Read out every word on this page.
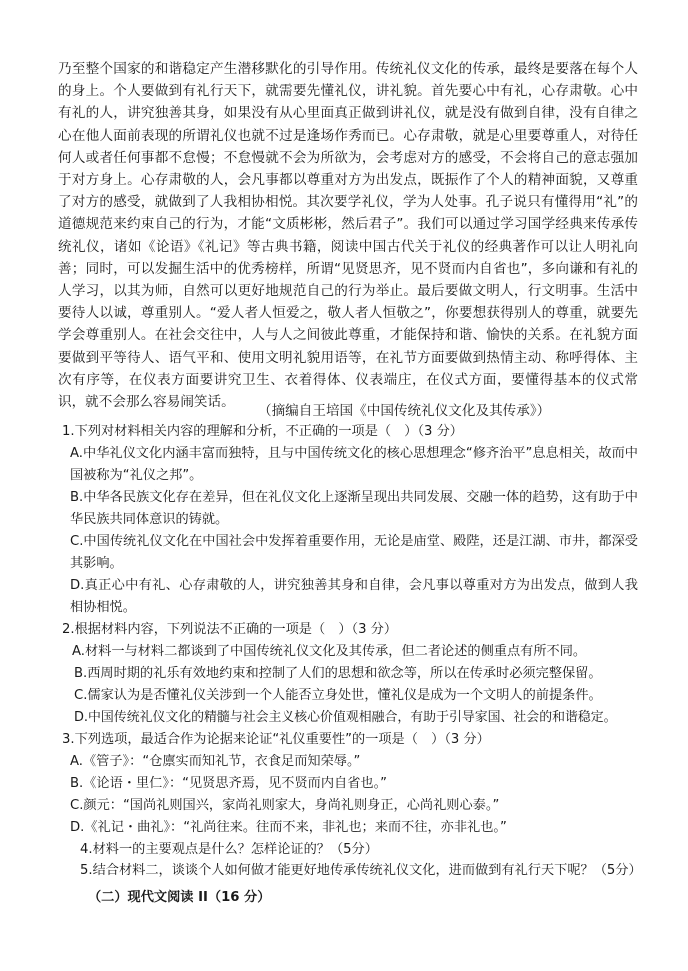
乃至整个国家的和谐稳定产生潜移默化的引导作用。传统礼仪文化的传承，最终是要落在每个人的身上。个人要做到有礼行天下，就需要先懂礼仪，讲礼貌。首先要心中有礼，心存肃敬。心中有礼的人，讲究独善其身，如果没有从心里面真正做到讲礼仪，就是没有做到自律，没有自律之心在他人面前表现的所谓礼仪也就不过是逢场作秀而已。心存肃敬，就是心里要尊重人，对待任何人或者任何事都不怠慢；不怠慢就不会为所欲为，会考虑对方的感受，不会将自己的意志强加于对方身上。心存肃敬的人，会凡事都以尊重对方为出发点，既振作了个人的精神面貌，又尊重了对方的感受，就做到了人我相协相悦。其次要学礼仪，学为人处事。孔子说只有懂得用“礼”的道德规范来约束自己的行为，才能“文质彬彬，然后君子”。我们可以通过学习国学经典来传承传统礼仪，诸如《论语》《礼记》等古典书籍，阅读中国古代关于礼仪的经典著作可以让人明礼向善；同时，可以发掘生活中的优秀榜样，所谓“见贤思齐，见不贤而内自省也”，多向谦和有礼的人学习，以其为师，自然可以更好地规范自己的行为举止。最后要做文明人，行文明事。生活中要待人以诚，尊重别人。“爱人者人恒爱之，敬人者人恒敬之”，你要想获得别人的尊重，就要先学会尊重别人。在社会交往中，人与人之间彼此尊重，才能保持和谐、愉快的关系。在礼貌方面要做到平等待人、语气平和、使用文明礼貌用语等，在礼节方面要做到热情主动、称呼得体、主次有序等，在仪表方面要讲究卫生、衣着得体、仪表端庄，在仪式方面，要懂得基本的仪式常识，就不会那么容易闹笑话。

（摘编自王培国《中国传统礼仪文化及其传承》）
1.下列对材料相关内容的理解和分析，不正确的一项是（　）（3 分）
A.中华礼仪文化内涵丰富而独特，且与中国传统文化的核心思想理念“修齐治平”息息相关，故而中国被称为“礼仪之邦”。
B.中华各民族文化存在差异，但在礼仪文化上逐渐呈现出共同发展、交融一体的趋势，这有助于中华民族共同体意识的铸就。
C.中国传统礼仪文化在中国社会中发挥着重要作用，无论是庙堂、殿陛，还是江湖、市井，都深受其影响。
D.真正心中有礼、心存肃敬的人，讲究独善其身和自律，会凡事以尊重对方为出发点，做到人我相协相悦。
2.根据材料内容，下列说法不正确的一项是（　）（3 分）
A.材料一与材料二都谈到了中国传统礼仪文化及其传承，但二者论述的侧重点有所不同。
B.西周时期的礼乐有效地约束和控制了人们的思想和欲念等，所以在传承时必须完整保留。
C.儒家认为是否懂礼仪关涉到一个人能否立身处世，懂礼仪是成为一个文明人的前提条件。
D.中国传统礼仪文化的精髓与社会主义核心价值观相融合，有助于引导家国、社会的和谐稳定。
3.下列选项，最适合作为论据来论证“礼仪重要性”的一项是（　）（3 分）
A.《管子》：“仓廪实而知礼节，衣食足而知荣辱。”
B.《论语・里仁》：“见贤思齐焉，见不贤而内自省也。”
C.颜元：“国尚礼则国兴，家尚礼则家大，身尚礼则身正，心尚礼则心泰。”
D.《礼记・曲礼》：“礼尚往来。往而不来，非礼也；来而不往，亦非礼也。”
4.材料一的主要观点是什么？怎样论证的？（5分）
5.结合材料二，谈谈个人如何做才能更好地传承传统礼仪文化，进而做到有礼行天下呢？（5分）
（二）现代文阅读 II（16 分）
